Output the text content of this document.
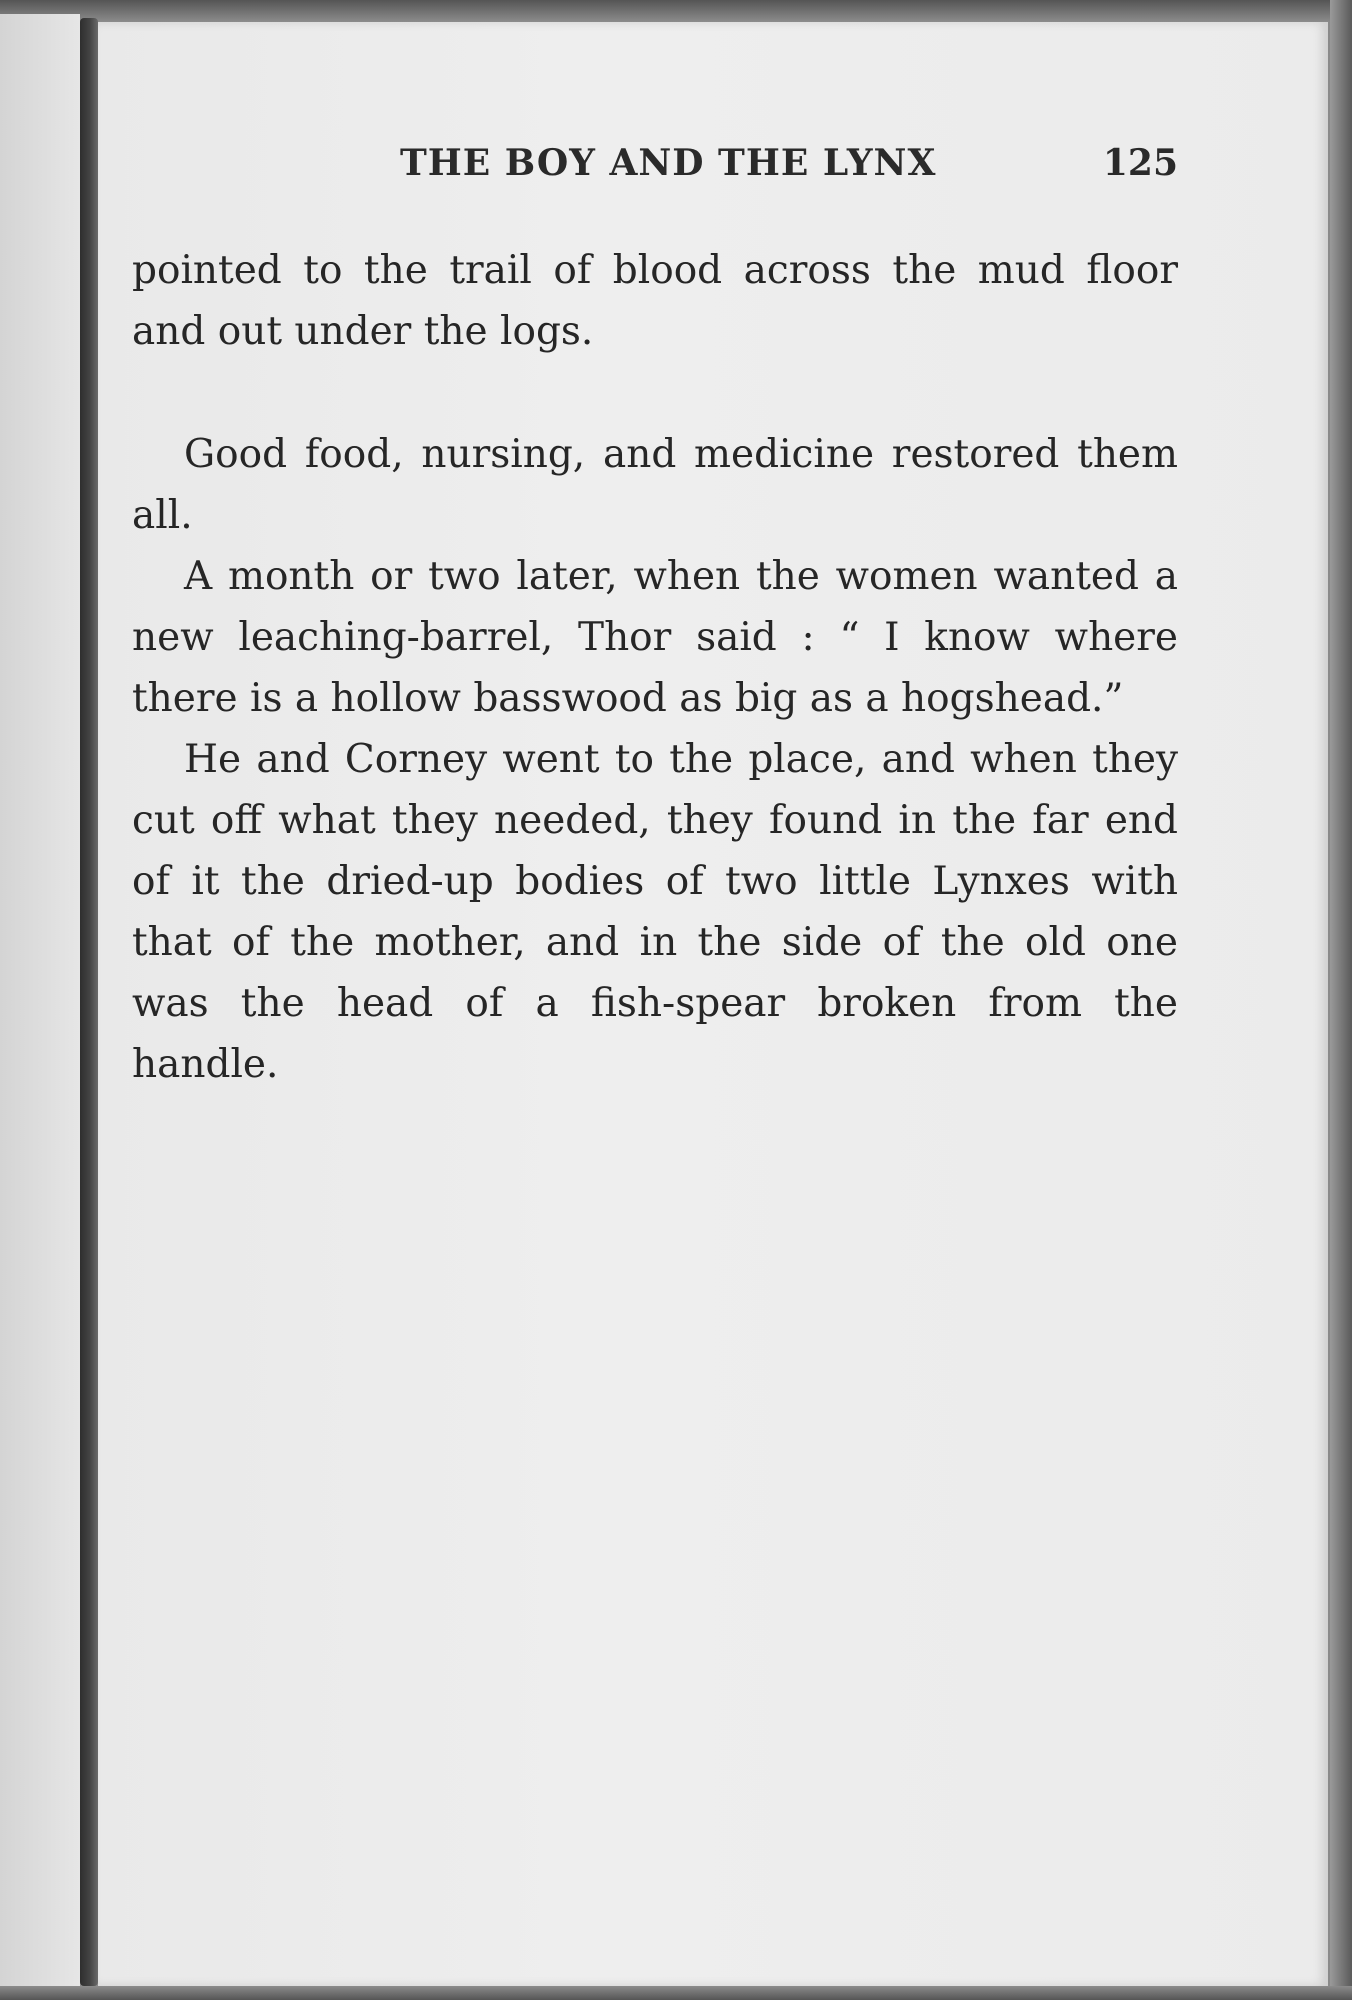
THE BOY AND THE LYNX	125

pointed to the trail of blood across the mud floor and out under the logs.

Good food, nursing, and medicine restored them all.

A month or two later, when the women wanted a new leaching-barrel, Thor said : “ I know where there is a hollow basswood as big as a hogshead.”

He and Corney went to the place, and when they cut off what they needed, they found in the far end of it the dried-up bodies of two little Lynxes with that of the mother, and in the side of the old one was the head of a fish-spear broken from the handle.
